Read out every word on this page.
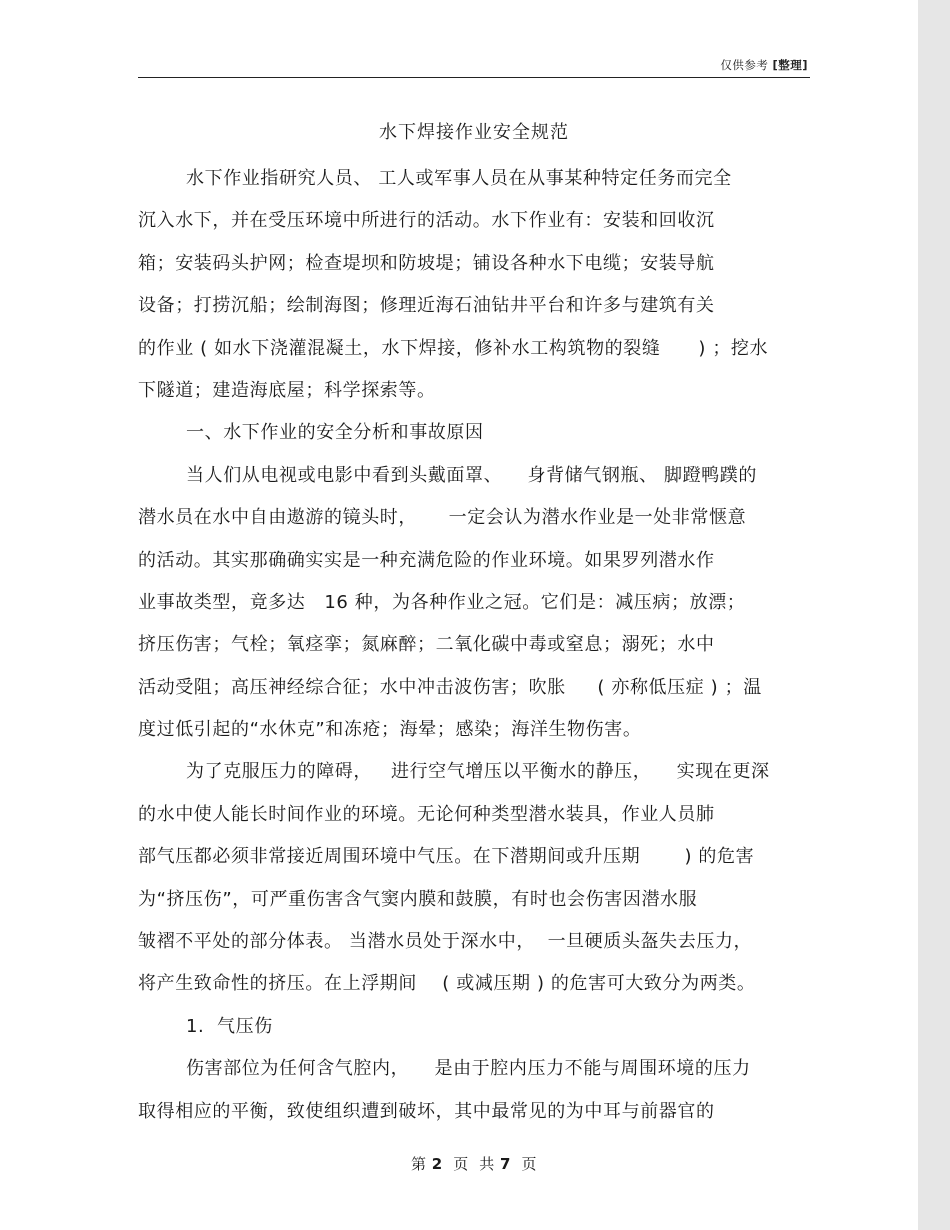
仅供参考 [整理]
水下焊接作业安全规范
水下作业指研究人员、 工人或军事人员在从事某种特定任务而完全
沉入水下，并在受压环境中所进行的活动。水下作业有：安装和回收沉
箱；安装码头护网；检查堤坝和防坡堤；铺设各种水下电缆；安装导航
设备；打捞沉船；绘制海图；修理近海石油钻井平台和许多与建筑有关
的作业 ( 如水下浇灌混凝土，水下焊接，修补水工构筑物的裂缝      ) ；挖水
下隧道；建造海底屋；科学探索等。
一、水下作业的安全分析和事故原因
当人们从电视或电影中看到头戴面罩、    身背储气钢瓶、 脚蹬鸭蹼的
潜水员在水中自由遨游的镜头时，     一定会认为潜水作业是一处非常惬意
的活动。其实那确确实实是一种充满危险的作业环境。如果罗列潜水作
业事故类型，竟多达   16 种，为各种作业之冠。它们是：减压病；放漂；
挤压伤害；气栓；氧痉挛；氮麻醉；二氧化碳中毒或窒息；溺死；水中
活动受阻；高压神经综合征；水中冲击波伤害；吹胀     ( 亦称低压症 ) ；温
度过低引起的“水休克”和冻疮；海晕；感染；海洋生物伤害。
为了克服压力的障碍，   进行空气增压以平衡水的静压，    实现在更深
的水中使人能长时间作业的环境。无论何种类型潜水装具，作业人员肺
部气压都必须非常接近周围环境中气压。在下潜期间或升压期       ) 的危害
为“挤压伤”，可严重伤害含气窦内膜和鼓膜，有时也会伤害因潜水服
皱褶不平处的部分体表。 当潜水员处于深水中，  一旦硬质头盔失去压力，
将产生致命性的挤压。在上浮期间    ( 或减压期 ) 的危害可大致分为两类。
1.  气压伤
伤害部位为任何含气腔内，    是由于腔内压力不能与周围环境的压力
取得相应的平衡，致使组织遭到破坏，其中最常见的为中耳与前器官的
第 2  页  共 7  页
